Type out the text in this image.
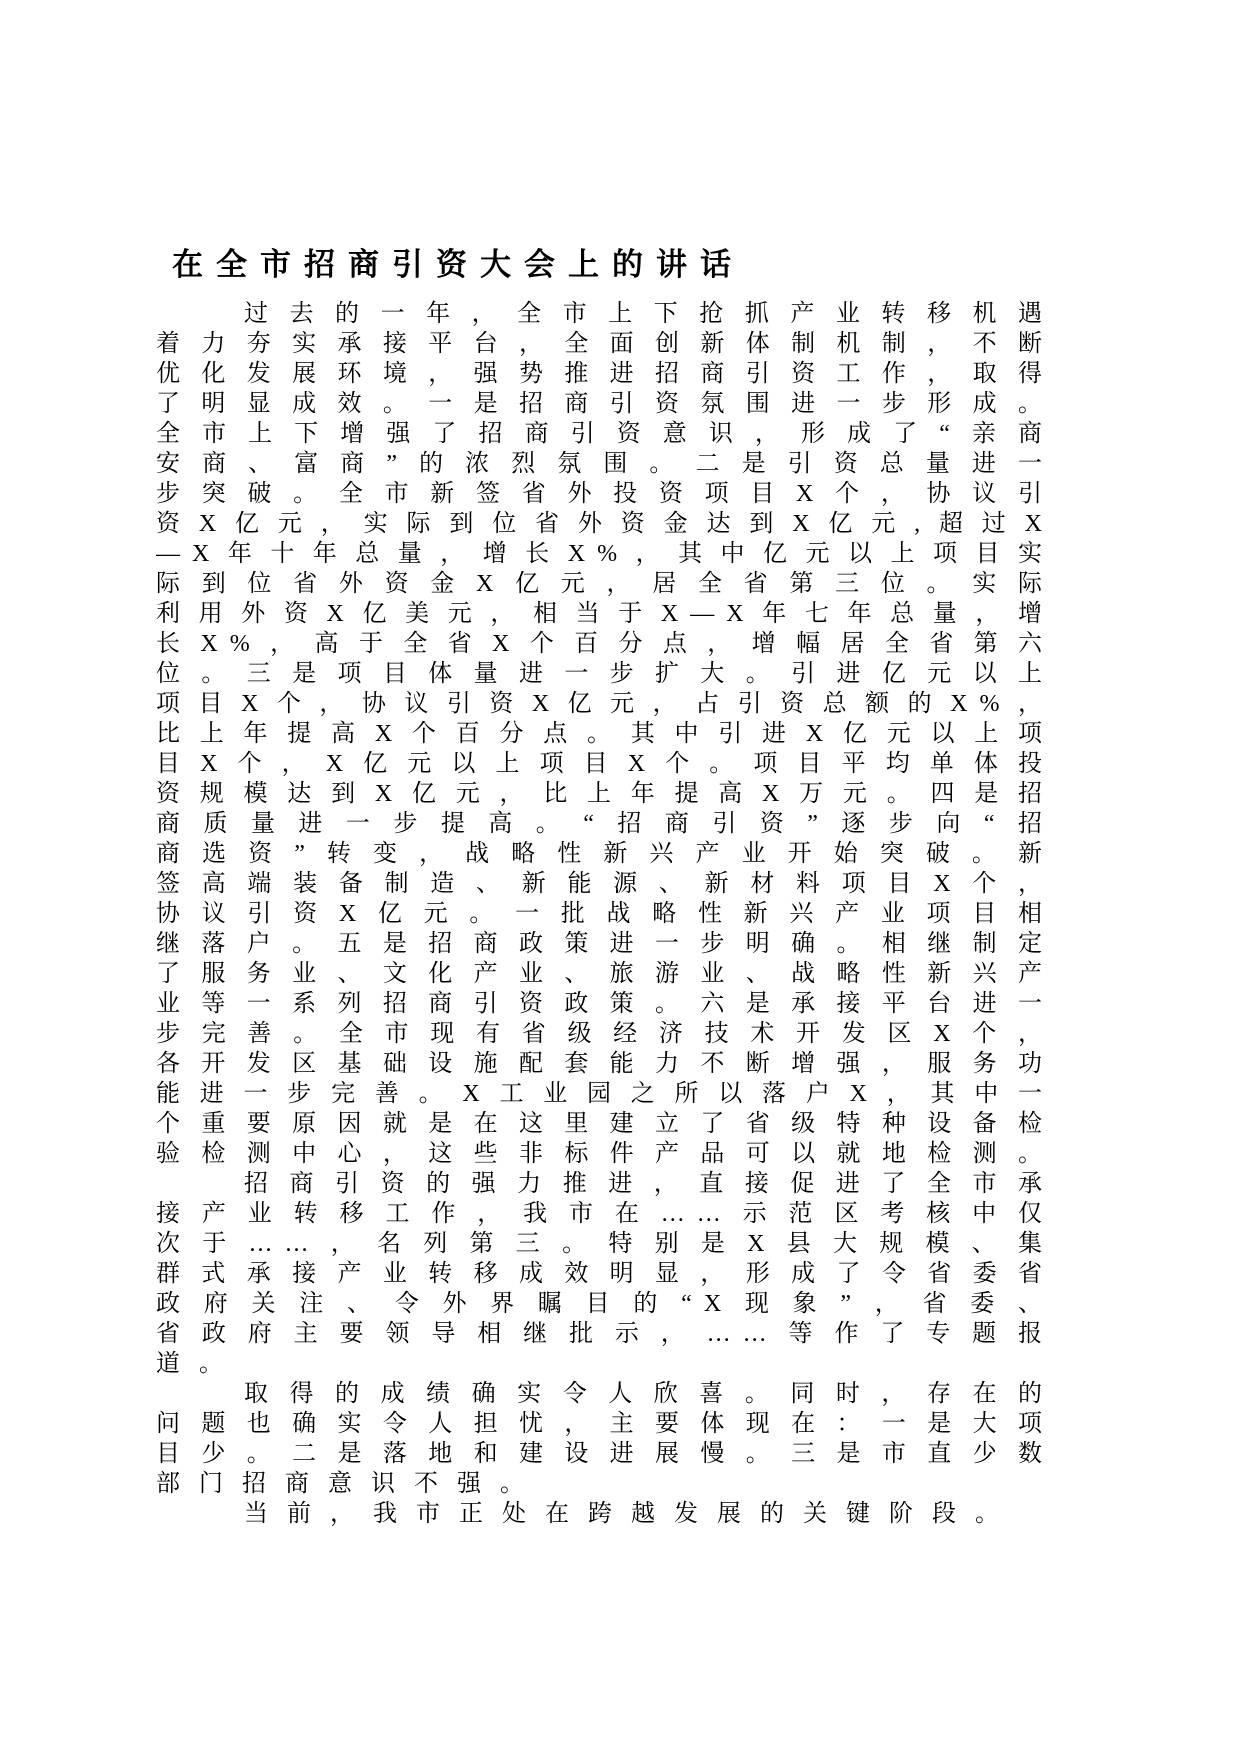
在全市招商引资大会上的讲话
过去的一年，全市上下抢抓产业转移机遇
着力夯实承接平台，全面创新体制机制，不断
优化发展环境，强势推进招商引资工作，取得
了明显成效。一是招商引资氛围进一步形成。
全市上下增强了招商引资意识，形成了“亲商
安商、富商”的浓烈氛围。二是引资总量进一
步突破。全市新签省外投资项目X个，协议引
资X亿元，实际到位省外资金达到X亿元,超过X
—X年十年总量，增长X%，其中亿元以上项目实
际到位省外资金X亿元，居全省第三位。实际
利用外资X亿美元，相当于X—X年七年总量，增
长X%，高于全省X个百分点，增幅居全省第六
位。三是项目体量进一步扩大。引进亿元以上
项目X个，协议引资X亿元，占引资总额的X%，
比上年提高X个百分点。其中引进X亿元以上项
目X个，X亿元以上项目X个。项目平均单体投
资规模达到X亿元，比上年提高X万元。四是招
商质量进一步提高。“招商引资”逐步向“招
商选资”转变，战略性新兴产业开始突破。新
签高端装备制造、新能源、新材料项目X个，
协议引资X亿元。一批战略性新兴产业项目相
继落户。五是招商政策进一步明确。相继制定
了服务业、文化产业、旅游业、战略性新兴产
业等一系列招商引资政策。六是承接平台进一
步完善。全市现有省级经济技术开发区X个，
各开发区基础设施配套能力不断增强，服务功
能进一步完善。X工业园之所以落户X，其中一
个重要原因就是在这里建立了省级特种设备检
验检测中心，这些非标件产品可以就地检测。
招商引资的强力推进，直接促进了全市承
接产业转移工作，我市在……示范区考核中仅
次于……，名列第三。特别是X县大规模、集
群式承接产业转移成效明显，形成了令省委省
政府关注、令外界瞩目的“X现象”，省委、
省政府主要领导相继批示，……等作了专题报
道。
取得的成绩确实令人欣喜。同时，存在的
问题也确实令人担忧，主要体现在：一是大项
目少。二是落地和建设进展慢。三是市直少数
部门招商意识不强。
当前，我市正处在跨越发展的关键阶段。
